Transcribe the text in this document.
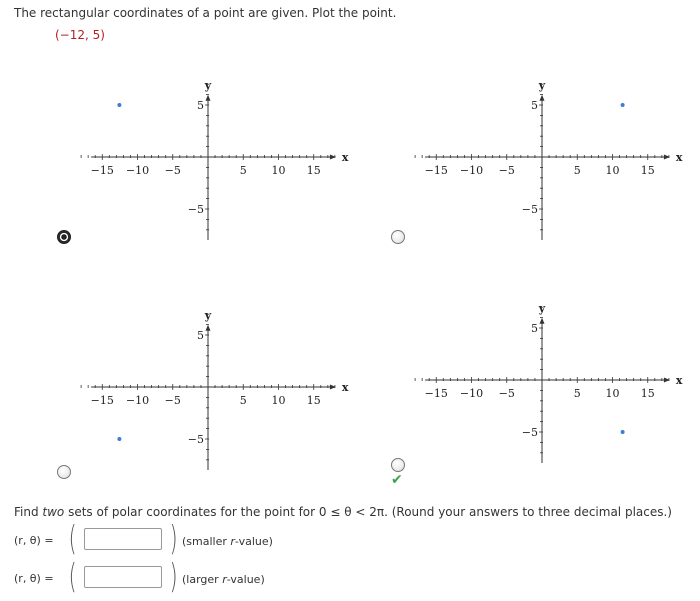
The rectangular coordinates of a point are given. Plot the point.
(−12, 5)
−15 −10 −5	5 10 15
5
−5
x
y
−15 −10 −5	5 10 15
5
−5
x
y
−15 −10 −5	5 10 15
5
−5
x
y
−15 −10 −5	5 10 15
5
−5
x
y
✔
Find two sets of polar coordinates for the point for 0 ≤ θ < 2π. (Round your answers to three decimal places.)
(r, θ) = (	) (smaller r-value)
(r, θ) = (	) (larger r-value)
